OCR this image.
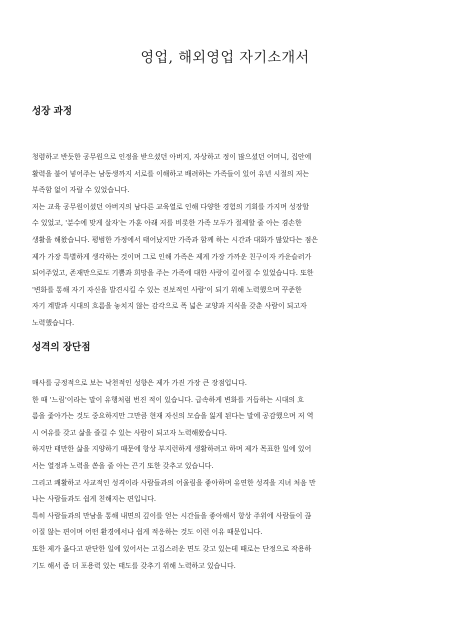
영업, 해외영업 자기소개서
성장 과정
청렴하고 반듯한 공무원으로 인정을 받으셨던 아버지, 자상하고 정이 많으셨던 어머니, 집안에
활력을 불어 넣어주는 남동생까지 서로를 이해하고 배려하는 가족들이 있어 유년 시절의 저는
부족함 없이 자랄 수 있었습니다.
저는 교육 공무원이셨던 아버지의 남다른 교육열로 인해 다양한 경험의 기회를 가지며 성장할
수 있었고, '분수에 맞게 살자'는 가훈 아래 저를 비롯한 가족 모두가 절제할 줄 아는 겸손한
생활을 해왔습니다. 평범한 가정에서 태어났지만 가족과 함께 하는 시간과 대화가 많았다는 점은
제가 가장 특별하게 생각하는 것이며 그로 인해 가족은 제게 가장 가까운 친구이자 카운슬러가
되어주었고, 존재만으로도 기쁨과 희망을 주는 가족에 대한 사랑이 깊어질 수 있었습니다. 또한
'변화를 통해 자기 자신을 발견시킬 수 있는 진보적인 사람'이 되기 위해 노력했으며 꾸준한
자기 계발과 시대의 흐름을 놓치지 않는 감각으로 폭 넓은 교양과 지식을 갖춘 사람이 되고자
노력했습니다.
성격의 장단점
매사를 긍정적으로 보는 낙천적인 성향은 제가 가진 가장 큰 장점입니다.
한 때 '느림'이라는 말이 유행처럼 번진 적이 있습니다. 급속하게 변화를 거듭하는 시대의 흐
름을 좇아가는 것도 중요하지만 그만큼 현재 자신의 모습을 잃게 된다는 말에 공감했으며 저 역
시 여유를 갖고 삶을 즐길 수 있는 사람이 되고자 노력해왔습니다.
하지만 태만한 삶을 지양하기 때문에 항상 부지런하게 생활하려고 하며 제가 목표한 일에 있어
서는 열정과 노력을 쏟을 줄 아는 끈기 또한 갖추고 있습니다.
그리고 쾌활하고 사교적인 성격이라 사람들과의 어울림을 좋아하며 유연한 성격을 지녀 처음 만
나는 사람들과도 쉽게 친해지는 편입니다.
특히 사람들과의 만남을 통해 내면의 깊이를 얻는 시간들을 좋아해서 항상 주위에 사람들이 끊
이질 않는 편이며 어떤 환경에서나 쉽게 적응하는 것도 이런 이유 때문입니다.
또한 제가 옳다고 판단한 일에 있어서는 고집스러운 면도 갖고 있는데 때로는 단정으로 작용하
기도 해서 좀 더 포용력 있는 태도를 갖추기 위해 노력하고 있습니다.
